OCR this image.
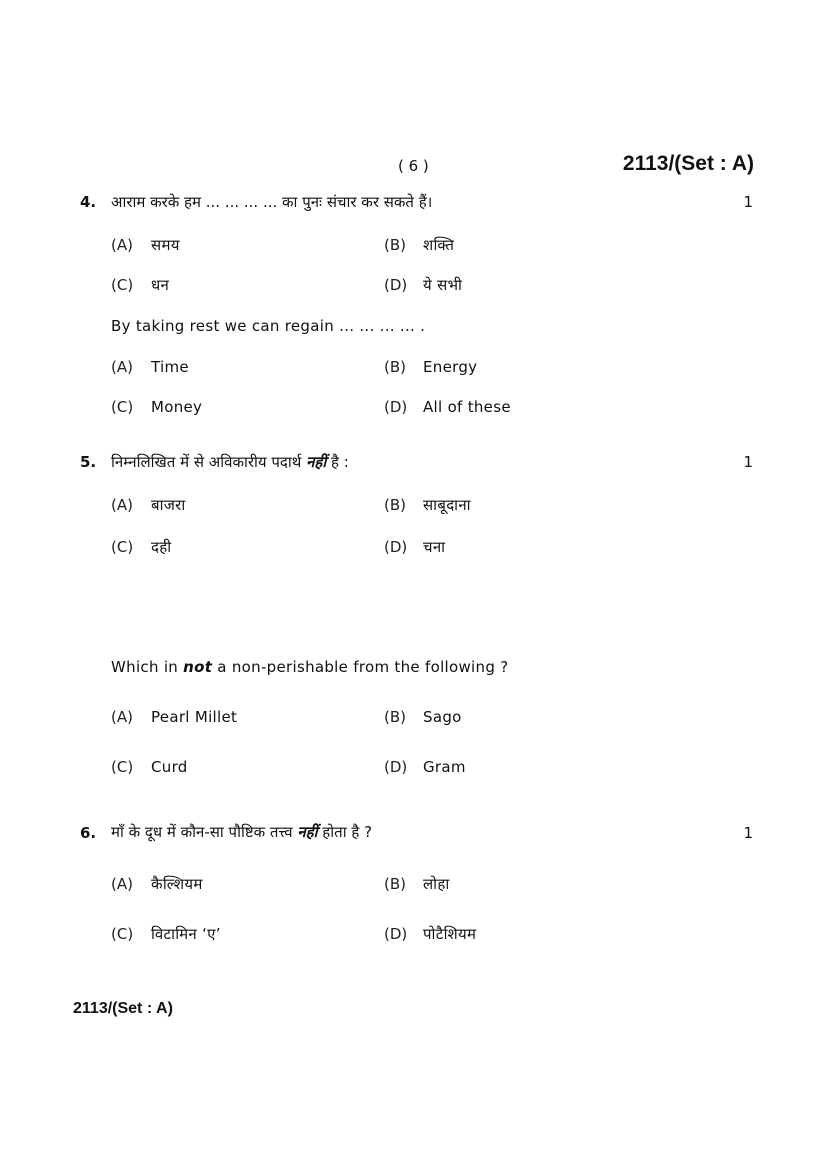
( 6 )	2113/(Set : A)
4. आराम करके हम ... ... ... ... का पुनः संचार कर सकते हैं।	1
(A) समय	(B) शक्ति
(C) धन	(D) ये सभी
By taking rest we can regain ... ... ... ... .
(A) Time	(B) Energy
(C) Money	(D) All of these
5. निम्नलिखित में से अविकारीय पदार्थ नहीं है :	1
(A) बाजरा	(B) साबूदाना
(C) दही	(D) चना
Which in not a non-perishable from the following ?
(A) Pearl Millet	(B) Sago
(C) Curd	(D) Gram
6. माँ के दूध में कौन-सा पौष्टिक तत्त्व नहीं होता है ?	1
(A) कैल्शियम	(B) लोहा
(C) विटामिन ‘ए’	(D) पोटैशियम
2113/(Set : A)
